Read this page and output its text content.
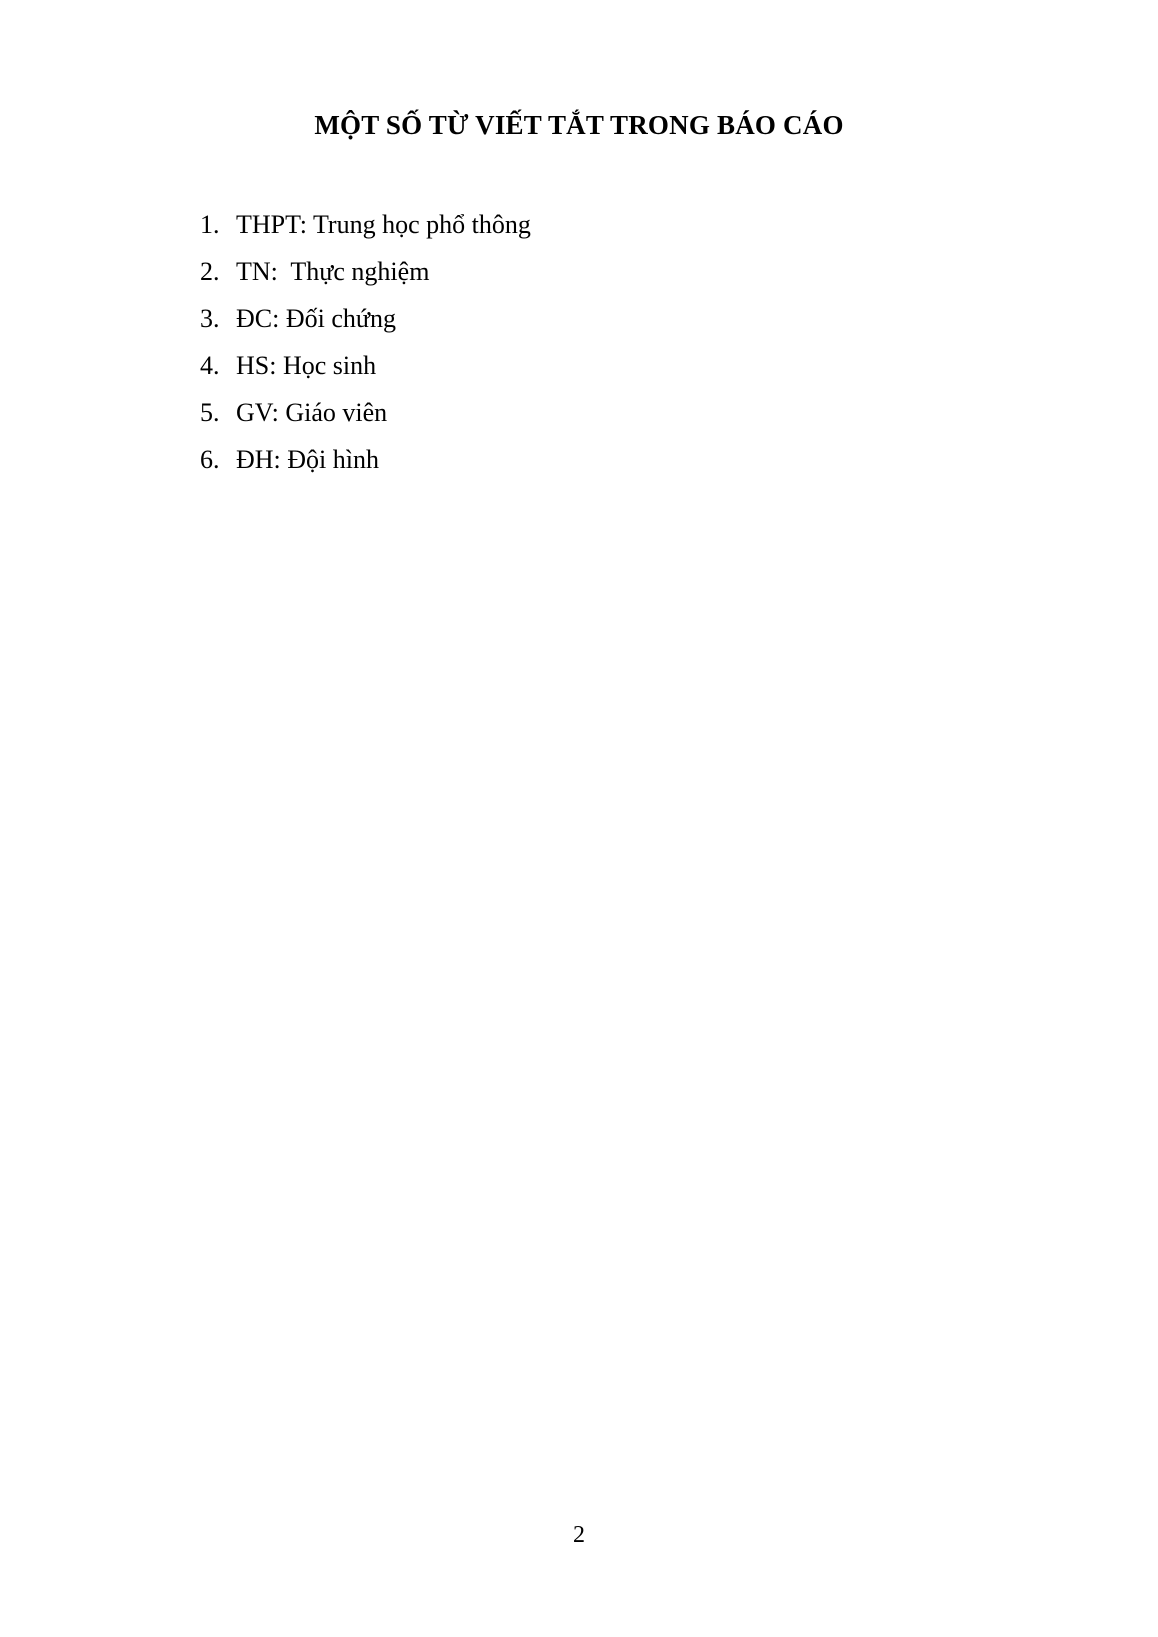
MỘT SỐ TỪ VIẾT TẮT TRONG BÁO CÁO
1. THPT: Trung học phổ thông
2. TN:  Thực nghiệm
3. ĐC: Đối chứng
4. HS: Học sinh
5. GV: Giáo viên
6. ĐH: Đội hình
2
